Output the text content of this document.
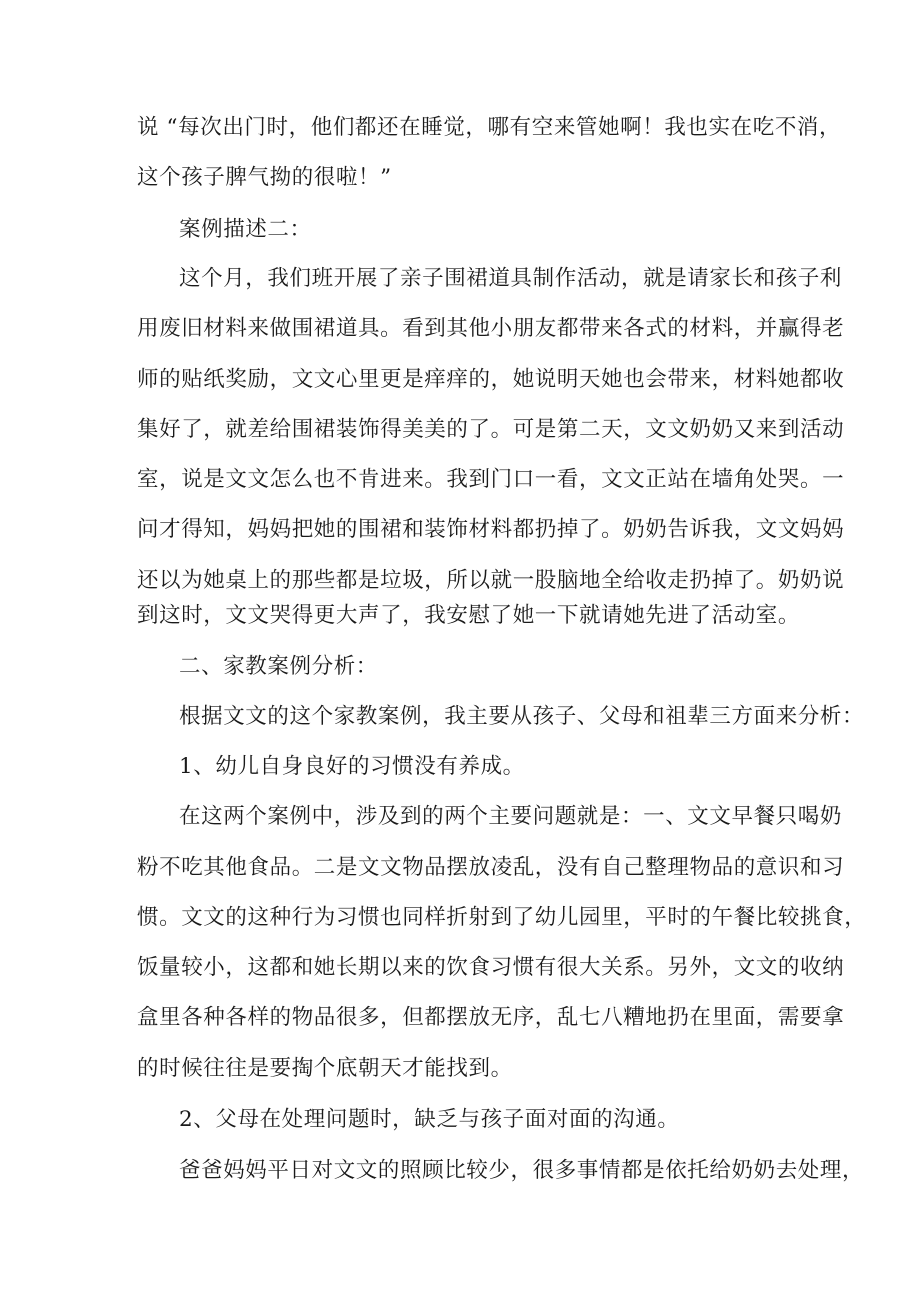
说 “每次出门时，他们都还在睡觉，哪有空来管她啊！我也实在吃不消，
这个孩子脾气拗的很啦！”
案例描述二：
这个月，我们班开展了亲子围裙道具制作活动，就是请家长和孩子利
用废旧材料来做围裙道具。看到其他小朋友都带来各式的材料，并赢得老
师的贴纸奖励，文文心里更是痒痒的，她说明天她也会带来，材料她都收
集好了，就差给围裙装饰得美美的了。可是第二天，文文奶奶又来到活动
室，说是文文怎么也不肯进来。我到门口一看，文文正站在墙角处哭。一
问才得知，妈妈把她的围裙和装饰材料都扔掉了。奶奶告诉我，文文妈妈
还以为她桌上的那些都是垃圾，所以就一股脑地全给收走扔掉了。奶奶说
到这时，文文哭得更大声了，我安慰了她一下就请她先进了活动室。
二、家教案例分析：
根据文文的这个家教案例，我主要从孩子、父母和祖辈三方面来分析：
1、幼儿自身良好的习惯没有养成。
在这两个案例中，涉及到的两个主要问题就是：一、文文早餐只喝奶
粉不吃其他食品。二是文文物品摆放凌乱，没有自己整理物品的意识和习
惯。文文的这种行为习惯也同样折射到了幼儿园里，平时的午餐比较挑食，
饭量较小，这都和她长期以来的饮食习惯有很大关系。另外，文文的收纳
盒里各种各样的物品很多，但都摆放无序，乱七八糟地扔在里面，需要拿
的时候往往是要掏个底朝天才能找到。
2、父母在处理问题时，缺乏与孩子面对面的沟通。
爸爸妈妈平日对文文的照顾比较少，很多事情都是依托给奶奶去处理，
